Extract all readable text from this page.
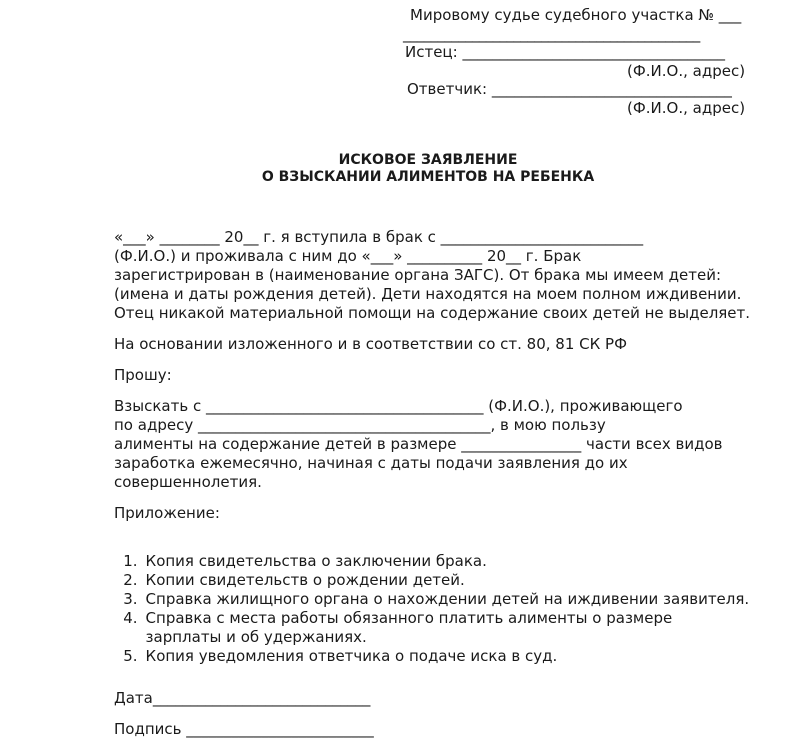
Мировому судье судебного участка № ___
___________________________________________
Истец: ___________________________________
(Ф.И.О., адрес)
Ответчик: ________________________________
(Ф.И.О., адрес)
ИСКОВОЕ ЗАЯВЛЕНИЕ
О ВЗЫСКАНИИ АЛИМЕНТОВ НА РЕБЕНКА
«___» ________ 20__ г. я вступила в брак с ___________________________
(Ф.И.О.) и проживала с ним до «___» __________ 20__ г. Брак
зарегистрирован в (наименование органа ЗАГС). От брака мы имеем детей:
(имена и даты рождения детей). Дети находятся на моем полном иждивении.
Отец никакой материальной помощи на содержание своих детей не выделяет.
На основании изложенного и в соответствии со ст. 80, 81 СК РФ
Прошу:
Взыскать с _____________________________________ (Ф.И.О.), проживающего
по адресу _______________________________________, в мою пользу
алименты на содержание детей в размере ________________ части всех видов
заработка ежемесячно, начиная с даты подачи заявления до их
совершеннолетия.
Приложение:

1. Копия свидетельства о заключении брака.

2. Копии свидетельств о рождении детей.

3. Справка жилищного органа о нахождении детей на иждивении заявителя.

4. Справка с места работы обязанного платить алименты о размере
зарплаты и об удержаниях.

5. Копия уведомления ответчика о подаче иска в суд.

Дата_____________________________
Подпись _________________________
